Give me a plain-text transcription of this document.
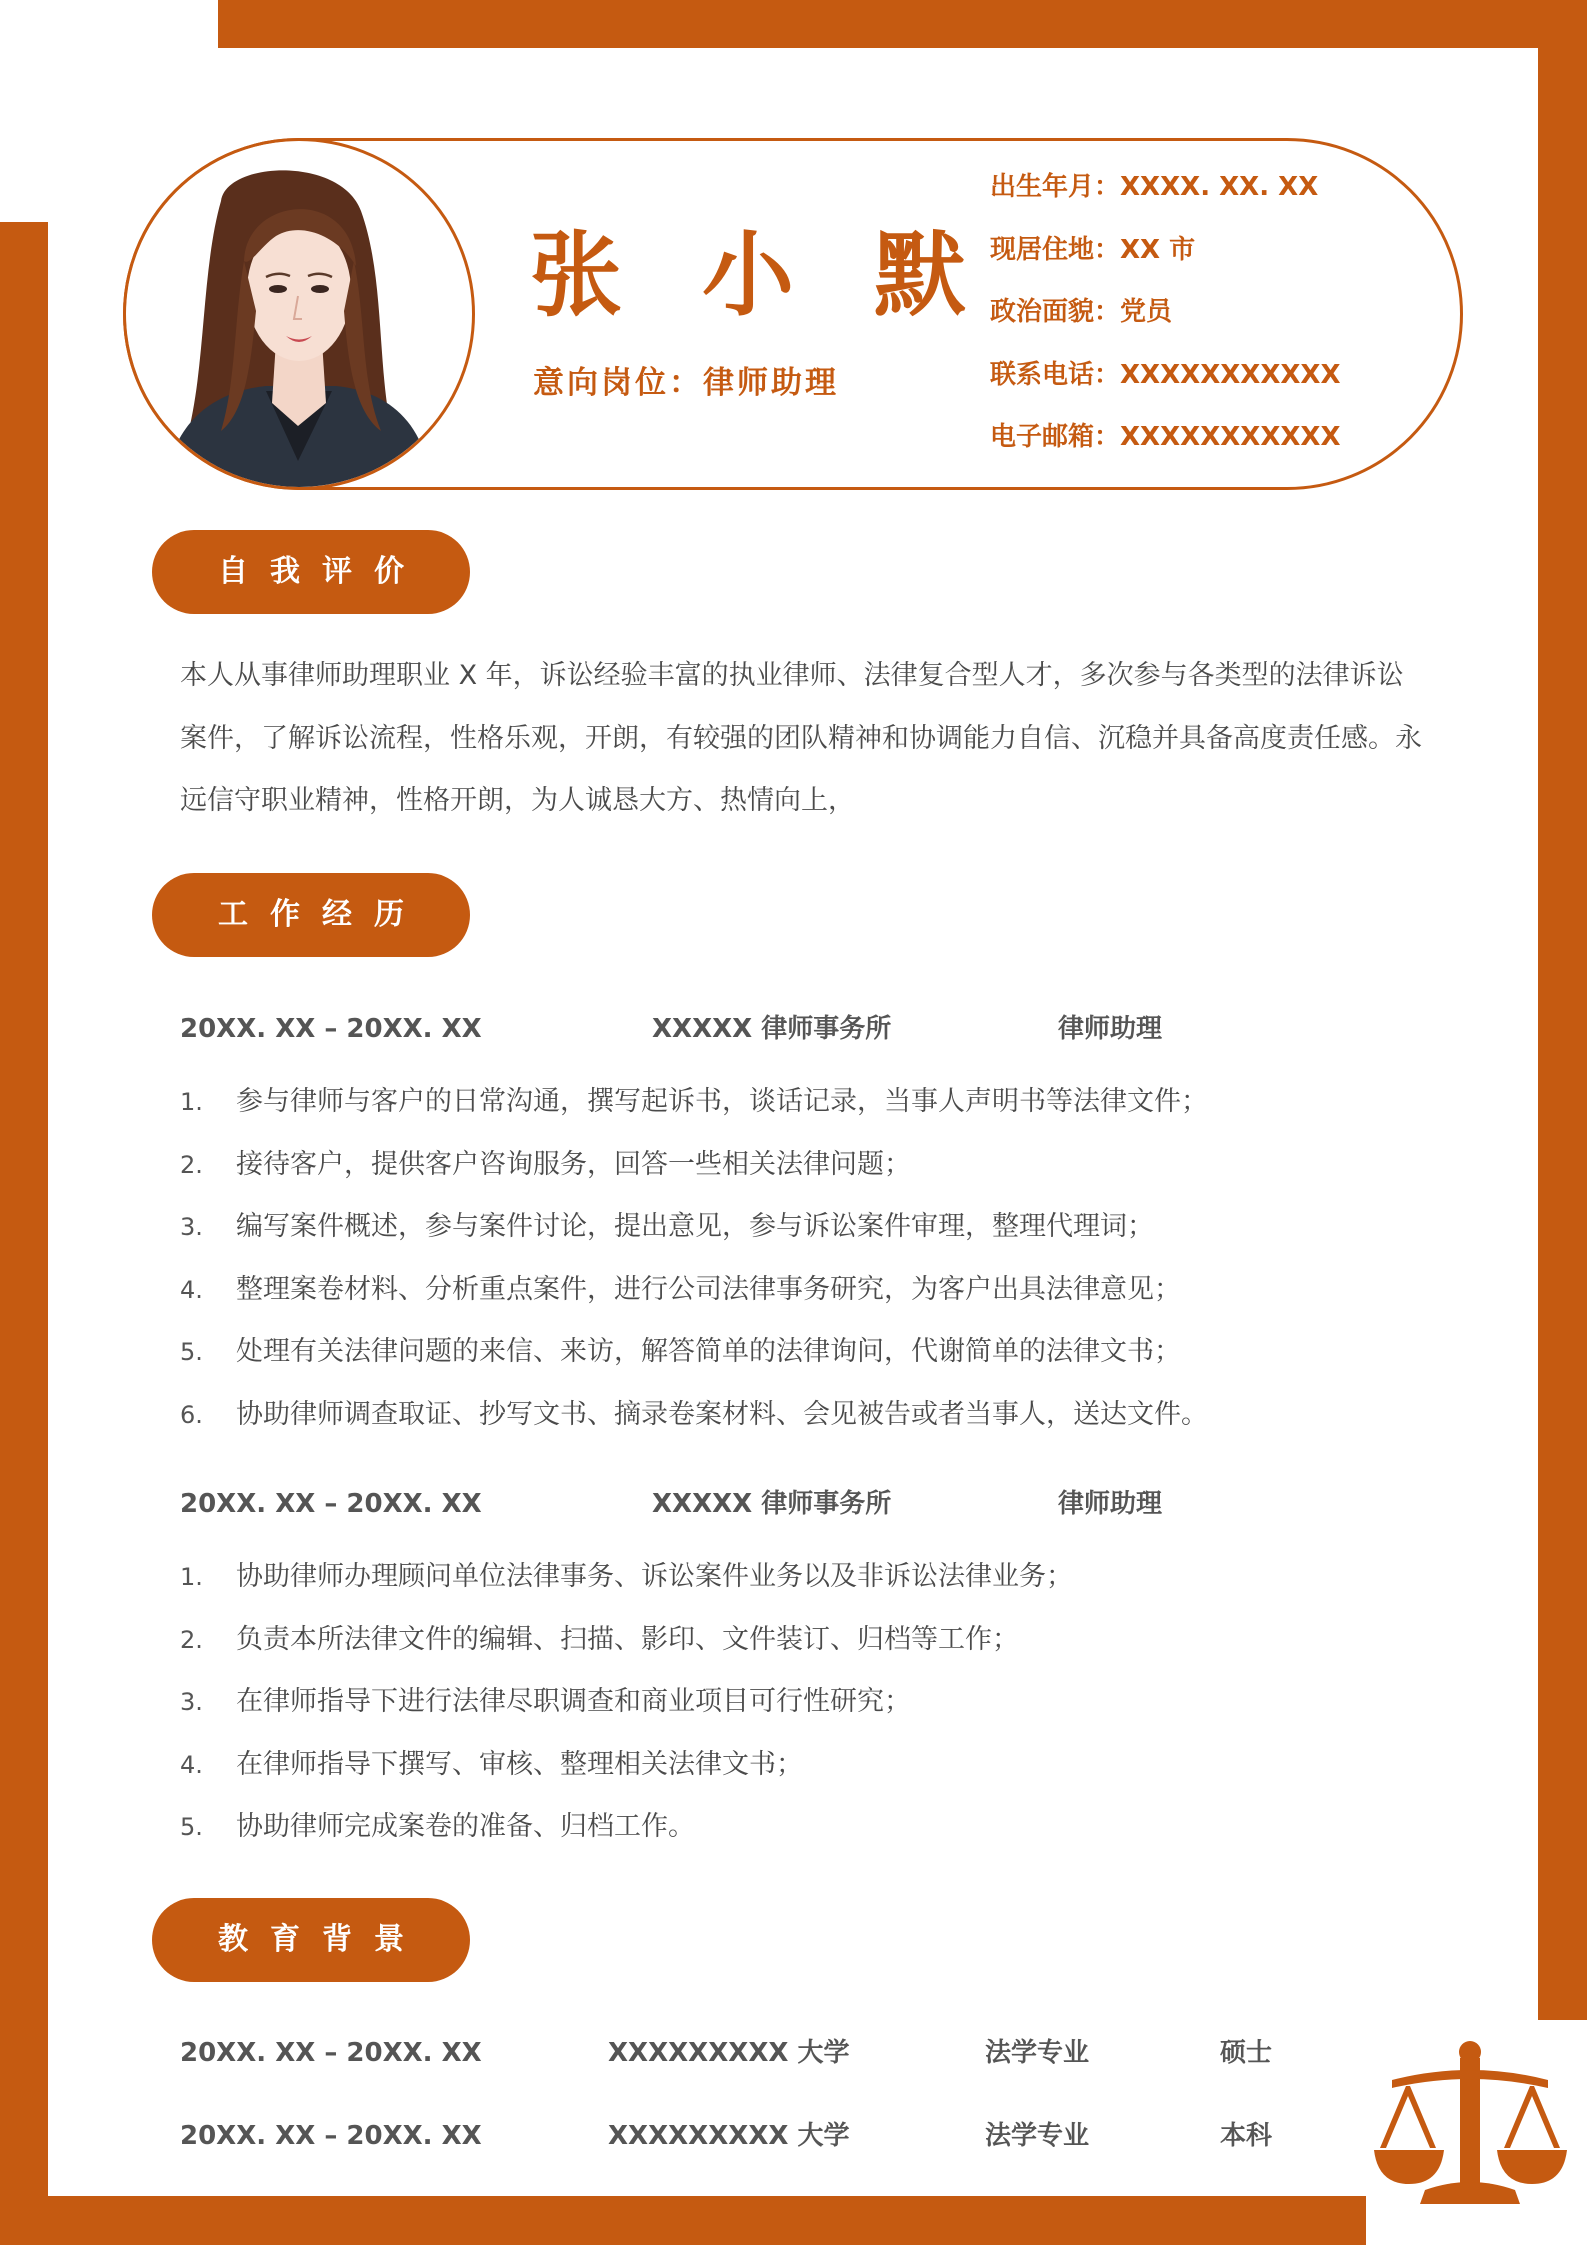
张 小 默
意向岗位：律师助理
出生年月：XXXX. XX. XX
现居住地：XX 市
政治面貌：党员
联系电话：XXXXXXXXXXX
电子邮箱：XXXXXXXXXXX
自我评价
本人从事律师助理职业 X 年，诉讼经验丰富的执业律师、法律复合型人才，多次参与各类型的法律诉讼案件，了解诉讼流程，性格乐观，开朗，有较强的团队精神和协调能力自信、沉稳并具备高度责任感。永远信守职业精神，性格开朗，为人诚恳大方、热情向上，
工作经历
20XX. XX – 20XX. XX	XXXXX 律师事务所	律师助理
1.	参与律师与客户的日常沟通，撰写起诉书，谈话记录，当事人声明书等法律文件；
2.	接待客户，提供客户咨询服务，回答一些相关法律问题；
3.	编写案件概述，参与案件讨论，提出意见，参与诉讼案件审理，整理代理词；
4.	整理案卷材料、分析重点案件，进行公司法律事务研究，为客户出具法律意见；
5.	处理有关法律问题的来信、来访，解答简单的法律询问，代谢简单的法律文书；
6.	协助律师调查取证、抄写文书、摘录卷案材料、会见被告或者当事人，送达文件。
20XX. XX – 20XX. XX	XXXXX 律师事务所	律师助理
1.	协助律师办理顾问单位法律事务、诉讼案件业务以及非诉讼法律业务；
2.	负责本所法律文件的编辑、扫描、影印、文件装订、归档等工作；
3.	在律师指导下进行法律尽职调查和商业项目可行性研究；
4.	在律师指导下撰写、审核、整理相关法律文书；
5.	协助律师完成案卷的准备、归档工作。
教育背景
20XX. XX – 20XX. XX	XXXXXXXXX 大学	法学专业	硕士
20XX. XX – 20XX. XX	XXXXXXXXX 大学	法学专业	本科
